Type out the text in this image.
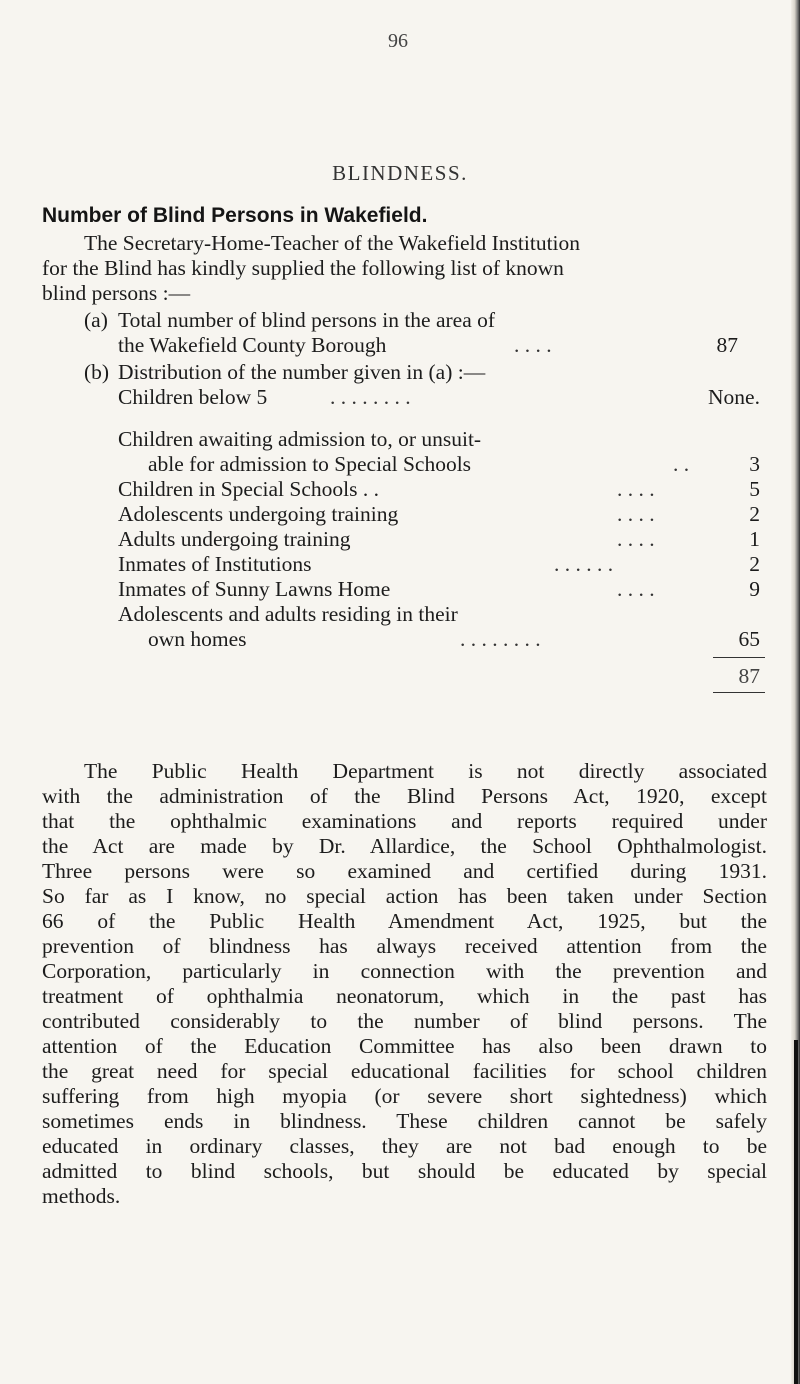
96
BLINDNESS.
Number of Blind Persons in Wakefield.
The Secretary-Home-Teacher of the Wakefield Institution
for the Blind has kindly supplied the following list of known
blind persons :—
(a) Total number of blind persons in the area of
the Wakefield County Borough	. . . .	87
(b) Distribution of the number given in (a) :—
Children below 5	. . . . . . . .	None.
Children awaiting admission to, or unsuit-
able for admission to Special Schools	. .	3
Children in Special Schools . .	. . . .	5
Adolescents undergoing training	. . . .	2
Adults undergoing training	. . . .	1
Inmates of Institutions	. . . . . .	2
Inmates of Sunny Lawns Home	. . . .	9
Adolescents and adults residing in their
own homes	. . . . . . . .	65
87
The Public Health Department is not directly associated
with the administration of the Blind Persons Act, 1920, except
that the ophthalmic examinations and reports required under
the Act are made by Dr. Allardice, the School Ophthalmologist.
Three persons were so examined and certified during 1931.
So far as I know, no special action has been taken under Section
66 of the Public Health Amendment Act, 1925, but the
prevention of blindness has always received attention from the
Corporation, particularly in connection with the prevention and
treatment of ophthalmia neonatorum, which in the past has
contributed considerably to the number of blind persons. The
attention of the Education Committee has also been drawn to
the great need for special educational facilities for school children
suffering from high myopia (or severe short sightedness) which
sometimes ends in blindness. These children cannot be safely
educated in ordinary classes, they are not bad enough to be
admitted to blind schools, but should be educated by special
methods.
